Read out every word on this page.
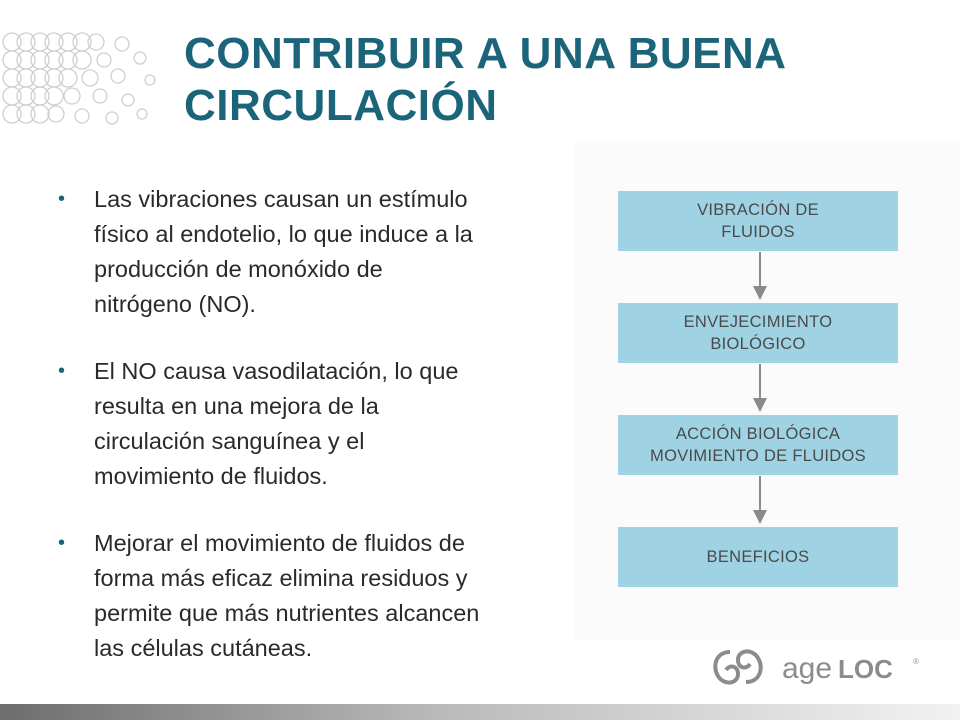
CONTRIBUIR A UNA BUENA
CIRCULACIÓN
• Las vibraciones causan un estímulo
físico al endotelio, lo que induce a la
producción de monóxido de
nitrógeno (NO).
• El NO causa vasodilatación, lo que
resulta en una mejora de la
circulación sanguínea y el
movimiento de fluidos.
• Mejorar el movimiento de fluidos de
forma más eficaz elimina residuos y
permite que más nutrientes alcancen
las células cutáneas.
VIBRACIÓN DE
FLUIDOS
ENVEJECIMIENTO
BIOLÓGICO
ACCIÓN BIOLÓGICA
MOVIMIENTO DE FLUIDOS
BENEFICIOS
age LOC	®
